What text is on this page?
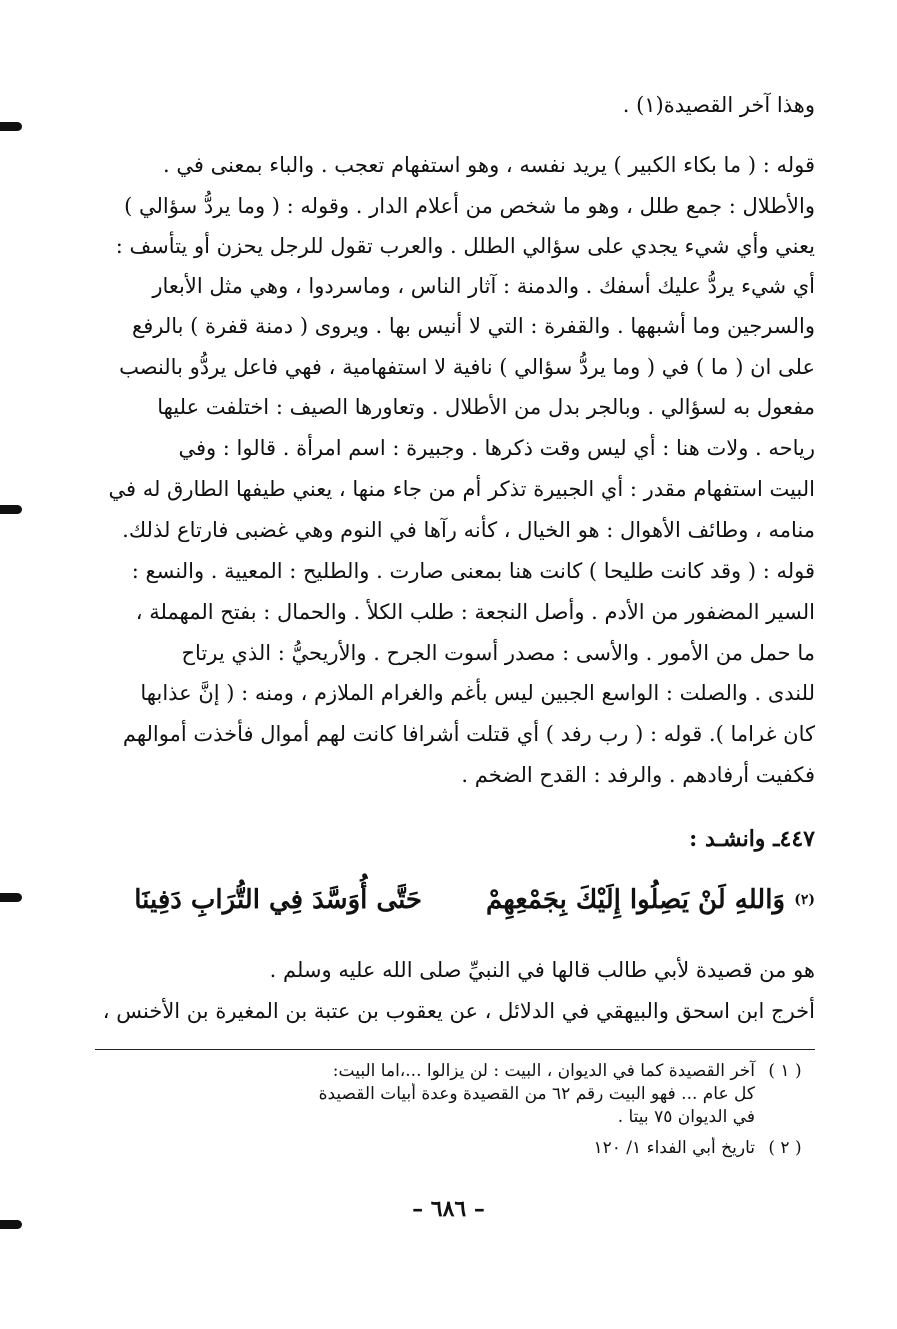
وهذا آخر القصيدة(١) .
قوله : ( ما بكاء الكبير ) يريد نفسه ، وهو استفهام تعجب . والباء بمعنى في .
والأطلال : جمع طلل ، وهو ما شخص من أعلام الدار . وقوله : ( وما يردُّ سؤالي )
يعني وأي شيء يجدي على سؤالي الطلل . والعرب تقول للرجل يحزن أو يتأسف :
أي شيء يردُّ عليك أسفك . والدمنة : آثار الناس ، وماسردوا ، وهي مثل الأبعار
والسرجين وما أشبهها . والقفرة : التي لا أنيس بها . ويروى ( دمنة قفرة ) بالرفع
على ان ( ما ) في ( وما يردُّ سؤالي ) نافية لا استفهامية ، فهي فاعل يردُّو بالنصب
مفعول به لسؤالي . وبالجر بدل من الأطلال . وتعاورها الصيف : اختلفت عليها
رياحه . ولات هنا : أي ليس وقت ذكرها . وجبيرة : اسم امرأة . قالوا : وفي
البيت استفهام مقدر : أي الجبيرة تذكر أم من جاء منها ، يعني طيفها الطارق له في
منامه ، وطائف الأهوال : هو الخيال ، كأنه رآها في النوم وهي غضبى فارتاع لذلك.
قوله : ( وقد كانت طليحا ) كانت هنا بمعنى صارت . والطليح : المعيية . والنسع :
السير المضفور من الأدم . وأصل النجعة : طلب الكلأ . والحمال : بفتح المهملة ،
ما حمل من الأمور . والأسى : مصدر أسوت الجرح . والأريحيُّ : الذي يرتاح
للندى . والصلت : الواسع الجبين ليس بأغم والغرام الملازم ، ومنه : ( إنَّ عذابها
كان غراما ). قوله : ( رب رفد ) أي قتلت أشرافا كانت لهم أموال فأخذت أموالهم
فكفيت أرفادهم . والرفد : القدح الضخم .
٤٤٧ـ وانشـد :
$^{(٢)}$
وَاللهِ لَنْ يَصِلُوا إِلَيْكَ بِجَمْعِهِمْ
حَتَّى أُوَسَّدَ فِي التُّرَابِ دَفِينَا
هو من قصيدة لأبي طالب قالها في النبيِّ صلى الله عليه وسلم .
أخرج ابن اسحق والبيهقي في الدلائل ، عن يعقوب بن عتبة بن المغيرة بن الأخنس ،
( ١ )آخر القصيدة كما في الديوان ، البيت : لن يزالوا ...،اما البيت:
كل عام ... فهو البيت رقم ٦٢ من القصيدة وعدة أبيات القصيدة
في الديوان ٧٥ بيتا .
( ٢ )تاريخ أبي الفداء ١/ ١٢٠
– ٦٨٦ –
